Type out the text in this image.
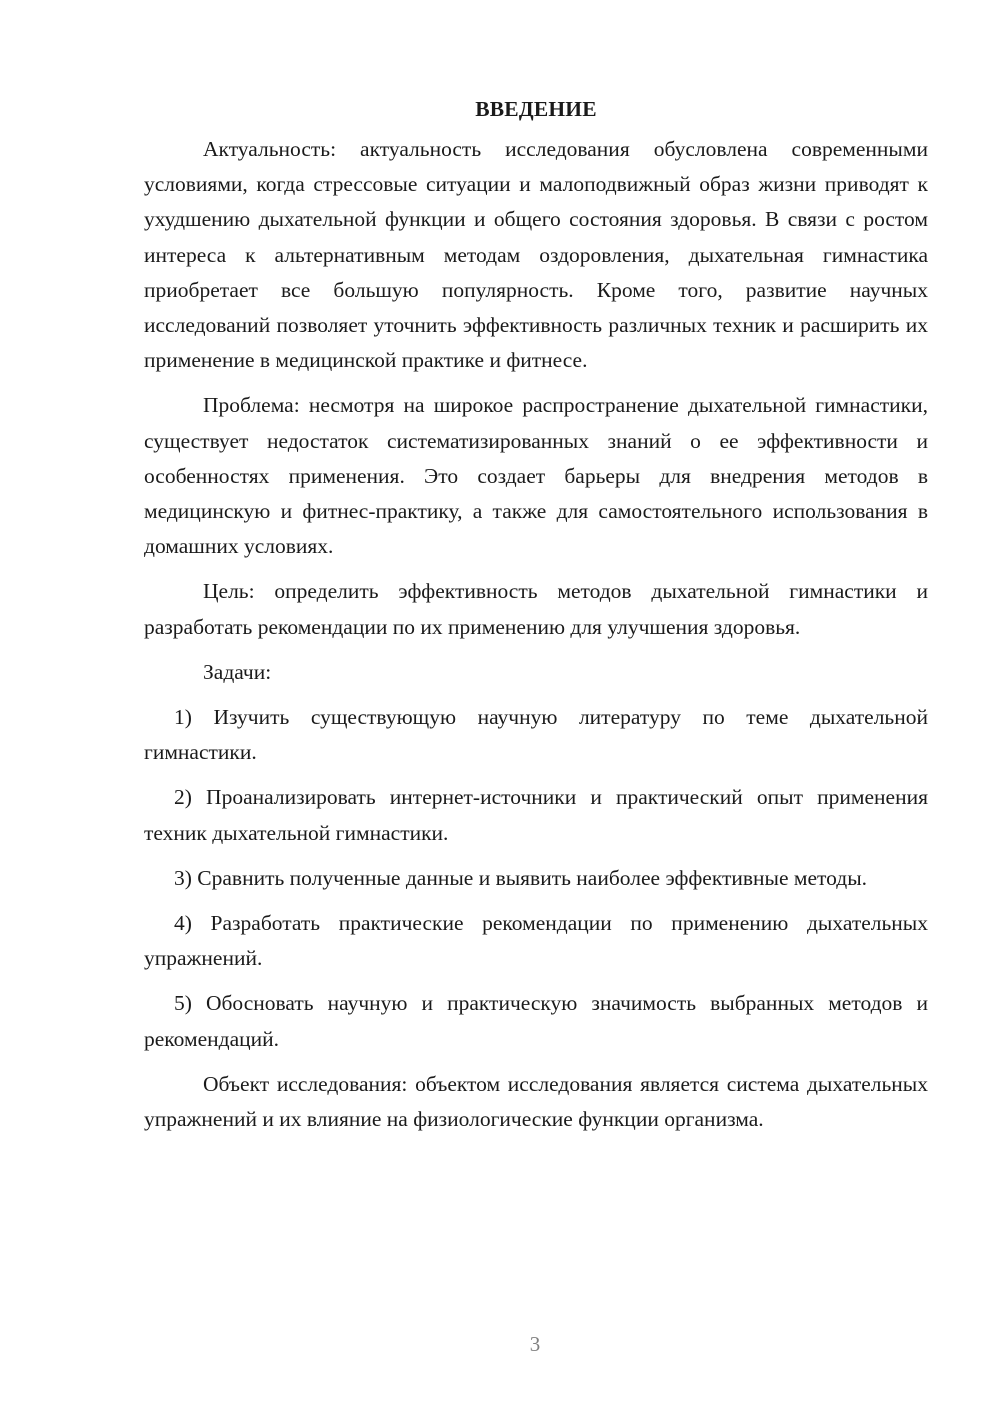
ВВЕДЕНИЕ

Актуальность: актуальность исследования обусловлена современными условиями, когда стрессовые ситуации и малоподвижный образ жизни приводят к ухудшению дыхательной функции и общего состояния здоровья. В связи с ростом интереса к альтернативным методам оздоровления, дыхательная гимнастика приобретает все большую популярность. Кроме того, развитие научных исследований позволяет уточнить эффективность различных техник и расширить их применение в медицинской практике и фитнесе.

Проблема: несмотря на широкое распространение дыхательной гимнастики, существует недостаток систематизированных знаний о ее эффективности и особенностях применения. Это создает барьеры для внедрения методов в медицинскую и фитнес-практику, а также для самостоятельного использования в домашних условиях.

Цель: определить эффективность методов дыхательной гимнастики и разработать рекомендации по их применению для улучшения здоровья.

Задачи:

1) Изучить существующую научную литературу по теме дыхательной гимнастики.

2) Проанализировать интернет-источники и практический опыт применения техник дыхательной гимнастики.

3) Сравнить полученные данные и выявить наиболее эффективные методы.

4) Разработать практические рекомендации по применению дыхательных упражнений.

5) Обосновать научную и практическую значимость выбранных методов и рекомендаций.

Объект исследования: объектом исследования является система дыхательных упражнений и их влияние на физиологические функции организма.

3
